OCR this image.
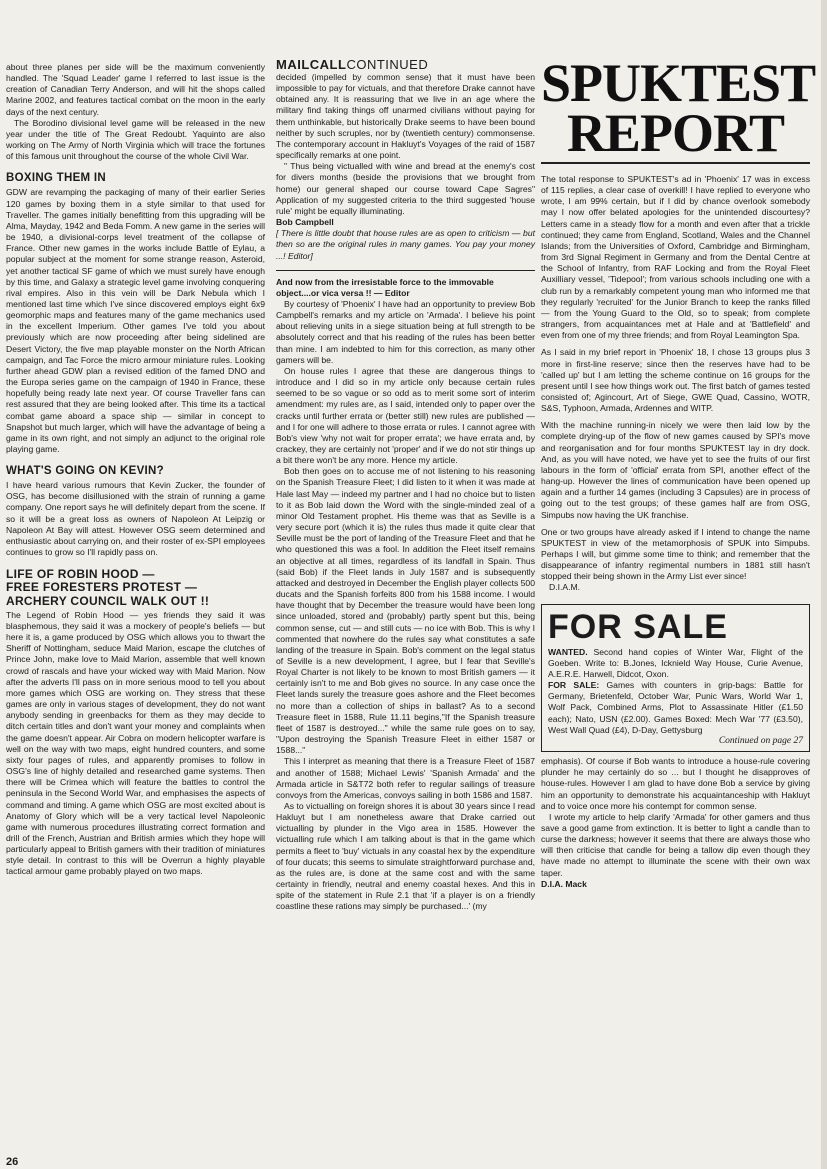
about three planes per side will be the maximum conveniently handled. The 'Squad Leader' game I referred to last issue is the creation of Canadian Terry Anderson, and will hit the shops called Marine 2002, and features tactical combat on the moon in the early days of the next century.

The Borodino divisional level game will be released in the new year under the title of The Great Redoubt. Yaquinto are also working on The Army of North Virginia which will trace the fortunes of this famous unit throughout the course of the whole Civil War.

BOXING THEM IN

GDW are revamping the packaging of many of their earlier Series 120 games by boxing them in a style similar to that used for Traveller. The games initially benefitting from this upgrading will be Alma, Mayday, 1942 and Beda Fomm. A new game in the series will be 1940, a divisional-corps level treatment of the collapse of France. Other new games in the works include Battle of Eylau, a popular subject at the moment for some strange reason, Asteroid, yet another tactical SF game of which we must surely have enough by this time, and Galaxy a strategic level game involving conquering rival empires. Also in this vein will be Dark Nebula which I mentioned last time which I've since discovered employs eight 6x9 geomorphic maps and features many of the game mechanics used in the excellent Imperium. Other games I've told you about previously which are now proceeding after being sidelined are Desert Victory, the five map playable monster on the North African campaign, and Tac Force the micro armour miniature rules. Looking further ahead GDW plan a revised edition of the famed DNO and the Europa series game on the campaign of 1940 in France, these hopefully being ready late next year. Of course Traveller fans can rest assured that they are being looked after. This time its a tactical combat game aboard a space ship — similar in concept to Snapshot but much larger, which will have the advantage of being a game in its own right, and not simply an adjunct to the original role playing game.

WHAT'S GOING ON KEVIN?

I have heard various rumours that Kevin Zucker, the founder of OSG, has become disillusioned with the strain of running a game company. One report says he will definitely depart from the scene. If so it will be a great loss as owners of Napoleon At Leipzig or Napoleon At Bay will attest. However OSG seem determined and enthusiastic about carrying on, and their roster of ex-SPI employees continues to grow so I'll rapidly pass on.

LIFE OF ROBIN HOOD —
FREE FORESTERS PROTEST —
ARCHERY COUNCIL WALK OUT !!

The Legend of Robin Hood — yes friends they said it was blasphemous, they said it was a mockery of people's beliefs — but here it is, a game produced by OSG which allows you to thwart the Sheriff of Nottingham, seduce Maid Marion, escape the clutches of Prince John, make love to Maid Marion, assemble that well known crowd of rascals and have your wicked way with Maid Marion. Now after the adverts I'll pass on in more serious mood to tell you about more games which OSG are working on. They stress that these games are only in various stages of development, they do not want anybody sending in greenbacks for them as they may decide to ditch certain titles and don't want your money and complaints when the game doesn't appear. Air Cobra on modern helicopter warfare is well on the way with two maps, eight hundred counters, and some sixty four pages of rules, and apparently promises to follow in OSG's line of highly detailed and researched game systems. Then there will be Crimea which will feature the battles to control the peninsula in the Second World War, and emphasises the aspects of command and timing. A game which OSG are most excited about is Anatomy of Glory which will be a very tactical level Napoleonic game with numerous procedures illustrating correct formation and drill of the French, Austrian and British armies which they hope will particularly appeal to British gamers with their tradition of miniatures style detail. In contrast to this will be Overrun a highly playable tactical armour game probably played on two maps.

MAILCALLCONTINUED

decided (impelled by common sense) that it must have been impossible to pay for victuals, and that therefore Drake cannot have obtained any. It is reassuring that we live in an age where the military find taking things off unarmed civilians without paying for them unthinkable, but historically Drake seems to have been bound neither by such scruples, nor by (twentieth century) commonsense. The contemporary account in Hakluyt's Voyages of the raid of 1587 specifically remarks at one point.

" Thus being victualled with wine and bread at the enemy's cost for divers months (beside the provisions that we brought from home) our general shaped our course toward Cape Sagres" Application of my suggested criteria to the third suggested 'house rule' might be equally illuminating.

Bob Campbell

[ There is little doubt that house rules are as open to criticism — but then so are the original rules in many games. You pay your money ...! Editor]

And now from the irresistable force to the immovable object....or vica versa !! — Editor

By courtesy of 'Phoenix' I have had an opportunity to preview Bob Campbell's remarks and my article on 'Armada'. I believe his point about relieving units in a siege situation being at full strength to be absolutely correct and that his reading of the rules has been better than mine. I am indebted to him for this correction, as many other gamers will be.

On house rules I agree that these are dangerous things to introduce and I did so in my article only because certain rules seemed to be so vague or so odd as to merit some sort of interim amendment: my rules are, as I said, intended only to paper over the cracks until further errata or (better still) new rules are published — and I for one will adhere to those errata or rules. I cannot agree with Bob's view 'why not wait for proper errata'; we have errata and, by crackey, they are certainly not 'proper' and if we do not stir things up a bit there won't be any more. Hence my article.

Bob then goes on to accuse me of not listening to his reasoning on the Spanish Treasure Fleet; I did listen to it when it was made at Hale last May — indeed my partner and I had no choice but to listen to it as Bob laid down the Word with the single-minded zeal of a minor Old Testament prophet. His theme was that as Seville is a very secure port (which it is) the rules thus made it quite clear that Seville must be the port of landing of the Treasure Fleet and that he who questioned this was a fool. In addition the Fleet itself remains an objective at all times, regardless of its landfall in Spain. Thus (said Bob) if the Fleet lands in July 1587 and is subsequently attacked and destroyed in December the English player collects 500 ducats and the Spanish forfeits 800 from his 1588 income. I would have thought that by December the treasure would have been long since unloaded, stored and (probably) partly spent but this, being common sense, cut — and still cuts — no ice with Bob. This is why I commented that nowhere do the rules say what constitutes a safe landing of the treasure in Spain. Bob's comment on the legal status of Seville is a new development, I agree, but I fear that Seville's Royal Charter is not likely to be known to most British gamers — it certainly isn't to me and Bob gives no source. In any case once the Fleet lands surely the treasure goes ashore and the Fleet becomes no more than a collection of ships in ballast? As to a second Treasure fleet in 1588, Rule 11.11 begins,"If the Spanish treasure fleet of 1587 is destroyed..." while the same rule goes on to say, "Upon destroying the Spanish Treasure Fleet in either 1587 or 1588..."

This I interpret as meaning that there is a Treasure Fleet of 1587 and another of 1588; Michael Lewis' 'Spanish Armada' and the Armada article in S&T72 both refer to regular sailings of treasure convoys from the Americas, convoys sailing in both 1586 and 1587.

As to victualling on foreign shores it is about 30 years since I read Hakluyt but I am nonetheless aware that Drake carried out victualling by plunder in the Vigo area in 1585. However the victualling rule which I am talking about is that in the game which permits a fleet to 'buy' victuals in any coastal hex by the expenditure of four ducats; this seems to simulate straightforward purchase and, as the rules are, is done at the same cost and with the same certainty in friendly, neutral and enemy coastal hexes. And this in spite of the statement in Rule 2.1 that 'if a player is on a friendly coastline these rations may simply be purchased...' (my

SPUKTEST
REPORT

The total response to SPUKTEST's ad in 'Phoenix' 17 was in excess of 115 replies, a clear case of overkill! I have replied to everyone who wrote, I am 99% certain, but if I did by chance overlook somebody may I now offer belated apologies for the unintended discourtesy? Letters came in a steady flow for a month and even after that a trickle continued; they came from England, Scotland, Wales and the Channel Islands; from the Universities of Oxford, Cambridge and Birmingham, from 3rd Signal Regiment in Germany and from the Dental Centre at the School of Infantry, from RAF Locking and from the Royal Fleet Auxilliary vessel, 'Tidepool'; from various schools including one with a club run by a remarkably competent young man who informed me that they regularly 'recruited' for the Junior Branch to keep the ranks filled — from the Young Guard to the Old, so to speak; from complete strangers, from acquaintances met at Hale and at 'Battlefield' and even from one of my three friends; and from Royal Leamington Spa.

As I said in my brief report in 'Phoenix' 18, I chose 13 groups plus 3 more in first-line reserve; since then the reserves have had to be 'called up' but I am letting the scheme continue on 16 groups for the present until I see how things work out. The first batch of games tested consisted of; Agincourt, Art of Siege, GWE Quad, Cassino, WOTR, S&S, Typhoon, Armada, Ardennes and WITP.

With the machine running-in nicely we were then laid low by the complete drying-up of the flow of new games caused by SPI's move and reorganisation and for four months SPUKTEST lay in dry dock. And, as you will have noted, we have yet to see the fruits of our first labours in the form of 'official' errata from SPI, another effect of the hang-up. However the lines of communication have been opened up again and a further 14 games (including 3 Capsules) are in process of going out to the test groups; of these games half are from OSG, Simpubs now having the UK franchise.

One or two groups have already asked if I intend to change the name SPUKTEST in view of the metamorphosis of SPUK into Simpubs. Perhaps I will, but gimme some time to think; and remember that the disappearance of infantry regimental numbers in 1881 still hasn't stopped their being shown in the Army List ever since!

D.I.A.M.

FOR SALE

WANTED. Second hand copies of Winter War, Flight of the Goeben. Write to: B.Jones, Icknield Way House, Curie Avenue, A.E.R.E. Harwell, Didcot, Oxon.

FOR SALE: Games with counters in grip-bags: Battle for Germany, Brietenfeld, October War, Punic Wars, World War 1, Wolf Pack, Combined Arms, Plot to Assassinate Hitler (£1.50 each); Nato, USN (£2.00). Games Boxed: Mech War '77 (£3.50), West Wall Quad (£4), D-Day, Gettysburg

Continued on page 27

emphasis). Of course if Bob wants to introduce a house-rule covering plunder he may certainly do so ... but I thought he disapproves of house-rules. However I am glad to have done Bob a service by giving him an opportunity to demonstrate his acquaintanceship with Hakluyt and to voice once more his contempt for common sense.

I wrote my article to help clarify 'Armada' for other gamers and thus save a good game from extinction. It is better to light a candle than to curse the darkness; however it seems that there are always those who will then criticise that candle for being a tallow dip even though they have made no attempt to illuminate the scene with their own wax taper.

D.I.A. Mack

26
